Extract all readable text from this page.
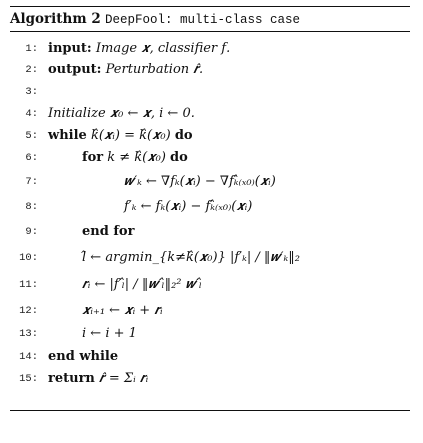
Algorithm 2 DeepFool: multi-class case
1: input: Image 𝒙, classifier 𝑓.
2: output: Perturbation 𝒓̂.
3:
4: Initialize 𝒙₀ ← 𝒙, 𝑖 ← 0.
5: while 𝑘̂(𝒙ᵢ) = 𝑘̂(𝒙₀) do
6:	for 𝑘 ≠ 𝑘̂(𝒙₀) do
7:	𝒘′ₖ ← ∇𝑓ₖ(𝒙ᵢ) − ∇𝑓ₖ̂₍ₓ₀₎(𝒙ᵢ)
8:	𝑓′ₖ ← 𝑓ₖ(𝒙ᵢ) − 𝑓ₖ̂₍ₓ₀₎(𝒙ᵢ)
9:	end for
10:	𝑙̂ ← argmin_{𝑘≠𝑘̂(𝒙₀)} |𝑓′ₖ| / ‖𝒘′ₖ‖₂
11:	𝒓ᵢ ← |𝑓′ₗ̂| / ‖𝒘′ₗ̂‖₂² 𝒘′ₗ̂
12:	𝒙ᵢ₊₁ ← 𝒙ᵢ + 𝒓ᵢ
13:	𝑖 ← 𝑖 + 1
14: end while
15: return 𝒓̂ = Σᵢ 𝒓ᵢ
